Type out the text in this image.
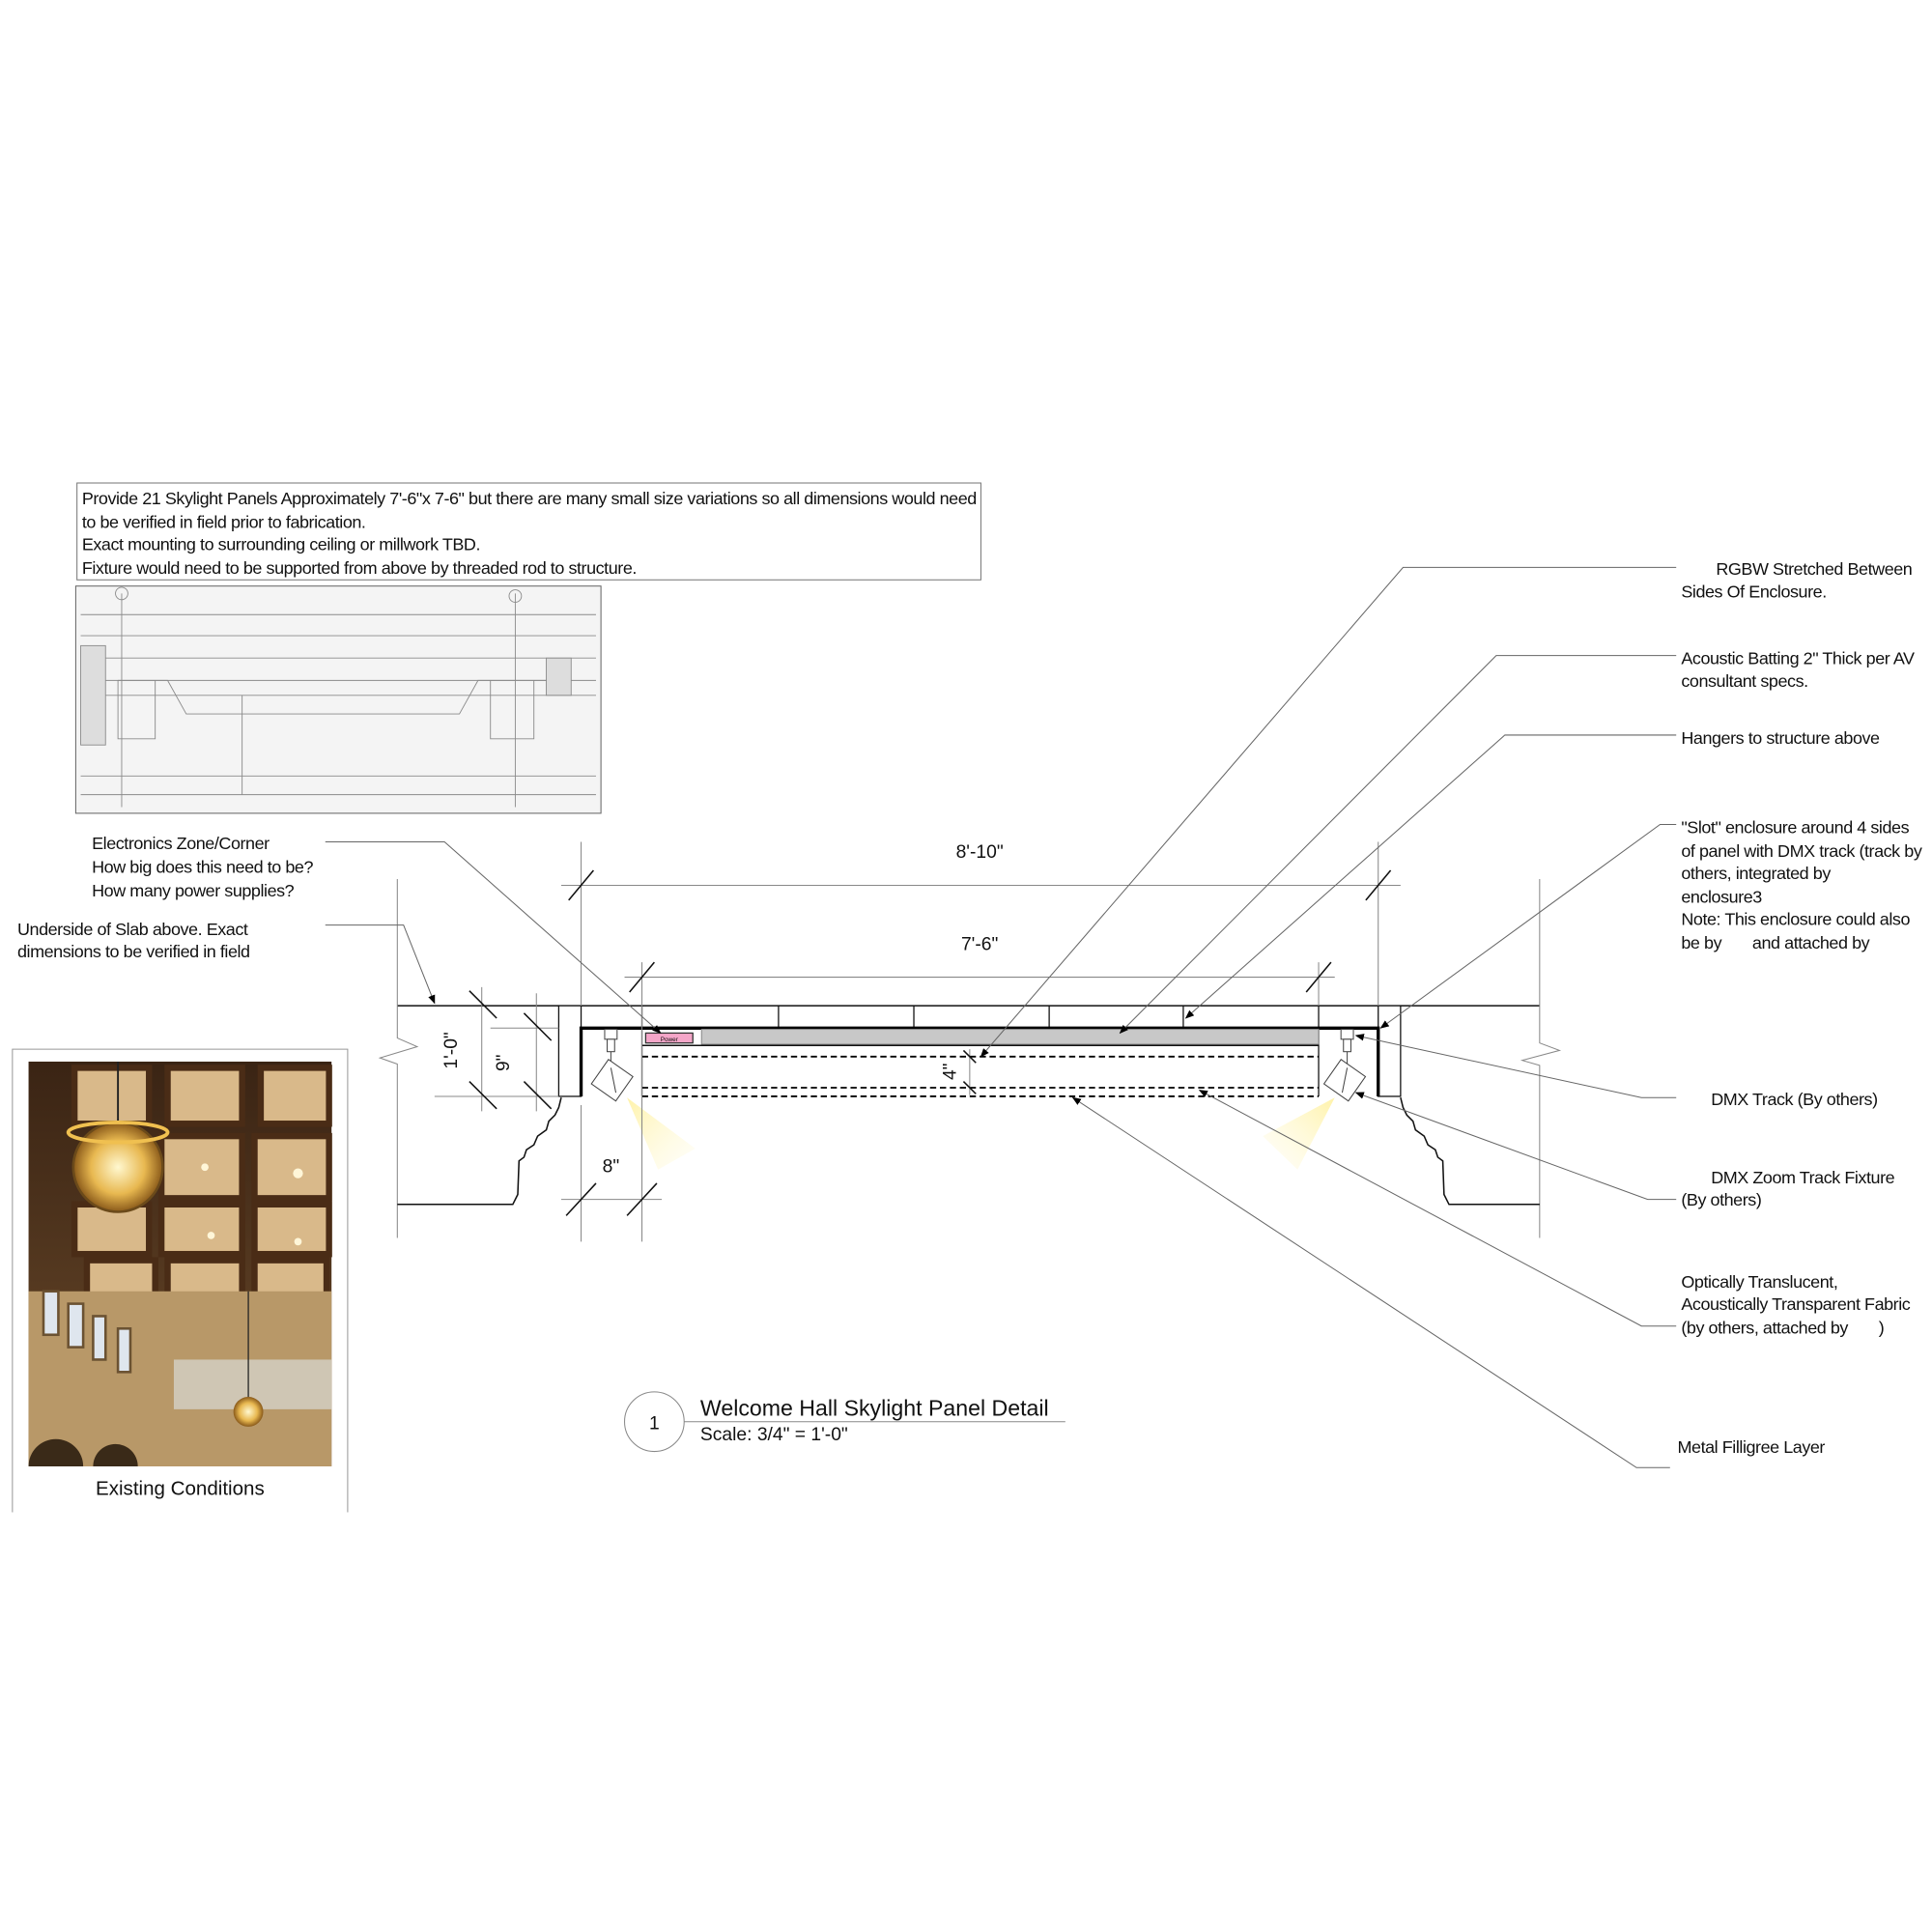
Provide 21 Skylight Panels Approximately 7'-6"x 7-6" but there are many small size variations so all dimensions would need
to be verified in field prior to fabrication.
Exact mounting to surrounding ceiling or millwork TBD.
Fixture would need to be supported from above by threaded rod to structure.
Existing Conditions
Power
8'-10"
7'-6"
1'-0" 9"
8"
4"
Electronics Zone/Corner
How big does this need to be?
How many power supplies?
Underside of Slab above. Exact
dimensions to be verified in field
RGBW Stretched Between
Sides Of Enclosure.
Acoustic Batting 2" Thick per AV
consultant specs.
Hangers to structure above
"Slot" enclosure around 4 sides
of panel with DMX track (track by
others, integrated by
enclosure3
Note: This enclosure could also
be by       and attached by
DMX Track (By others)
DMX Zoom Track Fixture
(By others)
Optically Translucent,
Acoustically Transparent Fabric
(by others, attached by       )
Metal Filligree Layer
1
Welcome Hall Skylight Panel Detail
Scale: 3/4" = 1'-0"
